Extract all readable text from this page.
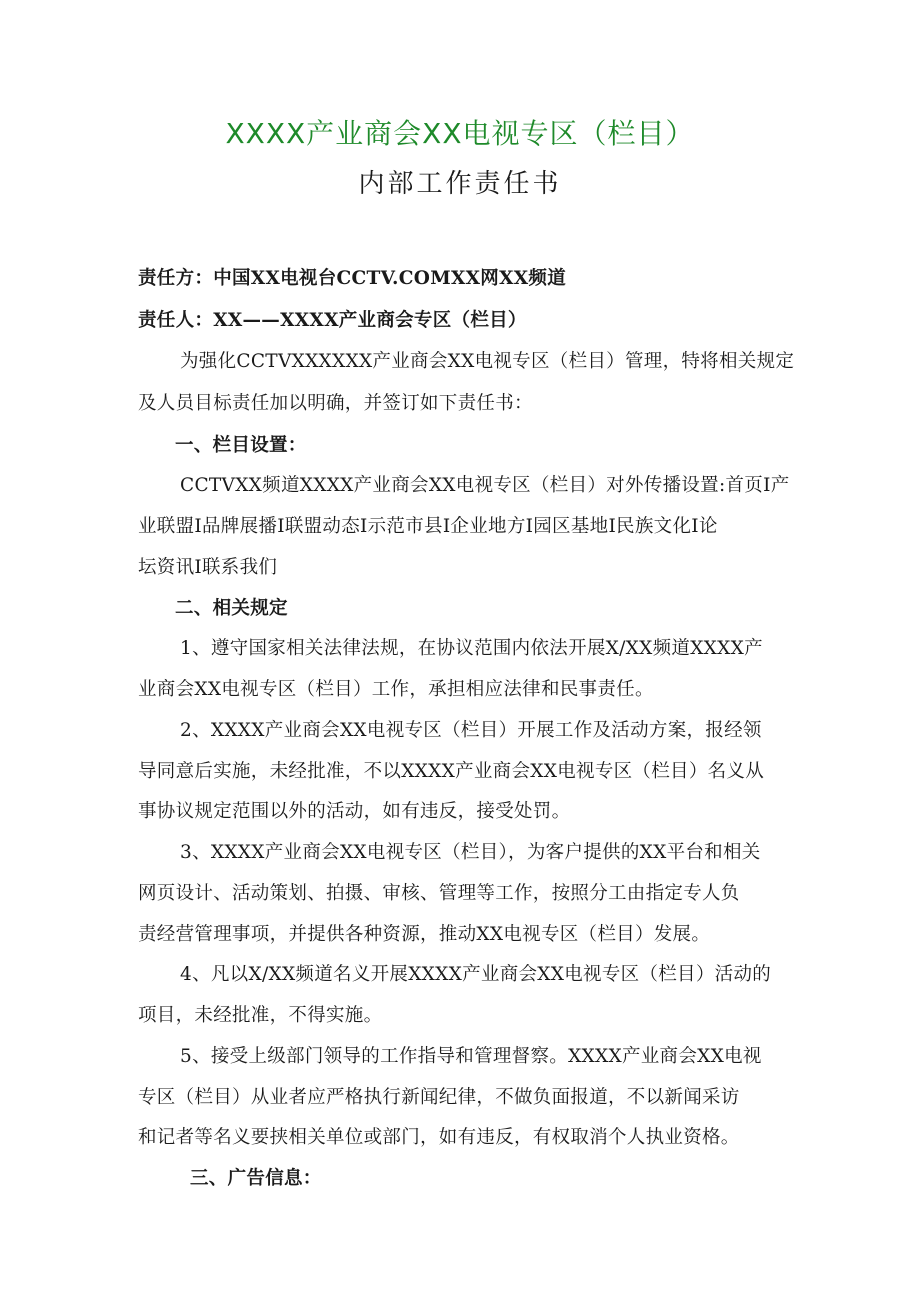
XXXX产业商会XX电视专区（栏目）
内部工作责任书
责任方：中国XX电视台CCTV.COMXX网XX频道
责任人：XX——XXXX产业商会专区（栏目）
为强化CCTVXXXXXX产业商会XX电视专区（栏目）管理，特将相关规定
及人员目标责任加以明确，并签订如下责任书：
一、栏目设置：
CCTVXX频道XXXX产业商会XX电视专区（栏目）对外传播设置:首页I产
业联盟I品牌展播I联盟动态I示范市县I企业地方I园区基地I民族文化I论
坛资讯I联系我们
二、相关规定
1、遵守国家相关法律法规，在协议范围内依法开展X/XX频道XXXX产
业商会XX电视专区（栏目）工作，承担相应法律和民事责任。
2、XXXX产业商会XX电视专区（栏目）开展工作及活动方案，报经领
导同意后实施，未经批准，不以XXXX产业商会XX电视专区（栏目）名义从
事协议规定范围以外的活动，如有违反，接受处罚。
3、XXXX产业商会XX电视专区（栏目），为客户提供的XX平台和相关
网页设计、活动策划、拍摄、审核、管理等工作，按照分工由指定专人负
责经营管理事项，并提供各种资源，推动XX电视专区（栏目）发展。
4、凡以X/XX频道名义开展XXXX产业商会XX电视专区（栏目）活动的
项目，未经批准，不得实施。
5、接受上级部门领导的工作指导和管理督察。XXXX产业商会XX电视
专区（栏目）从业者应严格执行新闻纪律，不做负面报道，不以新闻采访
和记者等名义要挟相关单位或部门，如有违反，有权取消个人执业资格。
三、广告信息：
